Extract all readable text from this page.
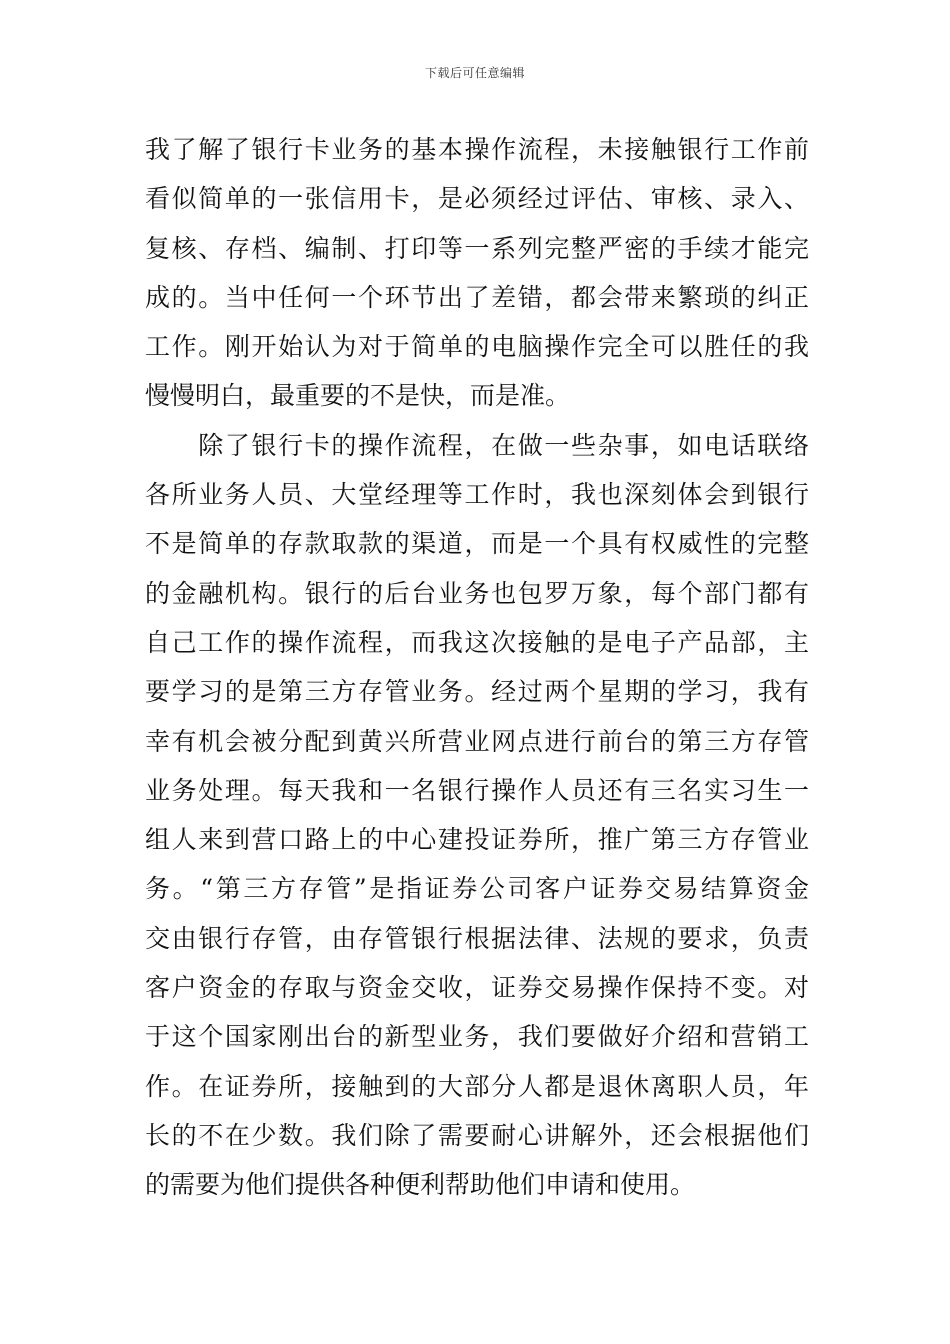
下载后可任意编辑
我了解了银行卡业务的基本操作流程，未接触银行工作前
看似简单的一张信用卡，是必须经过评估、审核、录入、
复核、存档、编制、打印等一系列完整严密的手续才能完
成的。当中任何一个环节出了差错，都会带来繁琐的纠正
工作。刚开始认为对于简单的电脑操作完全可以胜任的我
慢慢明白，最重要的不是快，而是准。
　　除了银行卡的操作流程，在做一些杂事，如电话联络
各所业务人员、大堂经理等工作时，我也深刻体会到银行
不是简单的存款取款的渠道，而是一个具有权威性的完整
的金融机构。银行的后台业务也包罗万象，每个部门都有
自己工作的操作流程，而我这次接触的是电子产品部，主
要学习的是第三方存管业务。经过两个星期的学习，我有
幸有机会被分配到黄兴所营业网点进行前台的第三方存管
业务处理。每天我和一名银行操作人员还有三名实习生一
组人来到营口路上的中心建投证券所，推广第三方存管业
务。“第三方存管”是指证券公司客户证券交易结算资金
交由银行存管，由存管银行根据法律、法规的要求，负责
客户资金的存取与资金交收，证券交易操作保持不变。对
于这个国家刚出台的新型业务，我们要做好介绍和营销工
作。在证券所，接触到的大部分人都是退休离职人员，年
长的不在少数。我们除了需要耐心讲解外，还会根据他们
的需要为他们提供各种便利帮助他们申请和使用。
